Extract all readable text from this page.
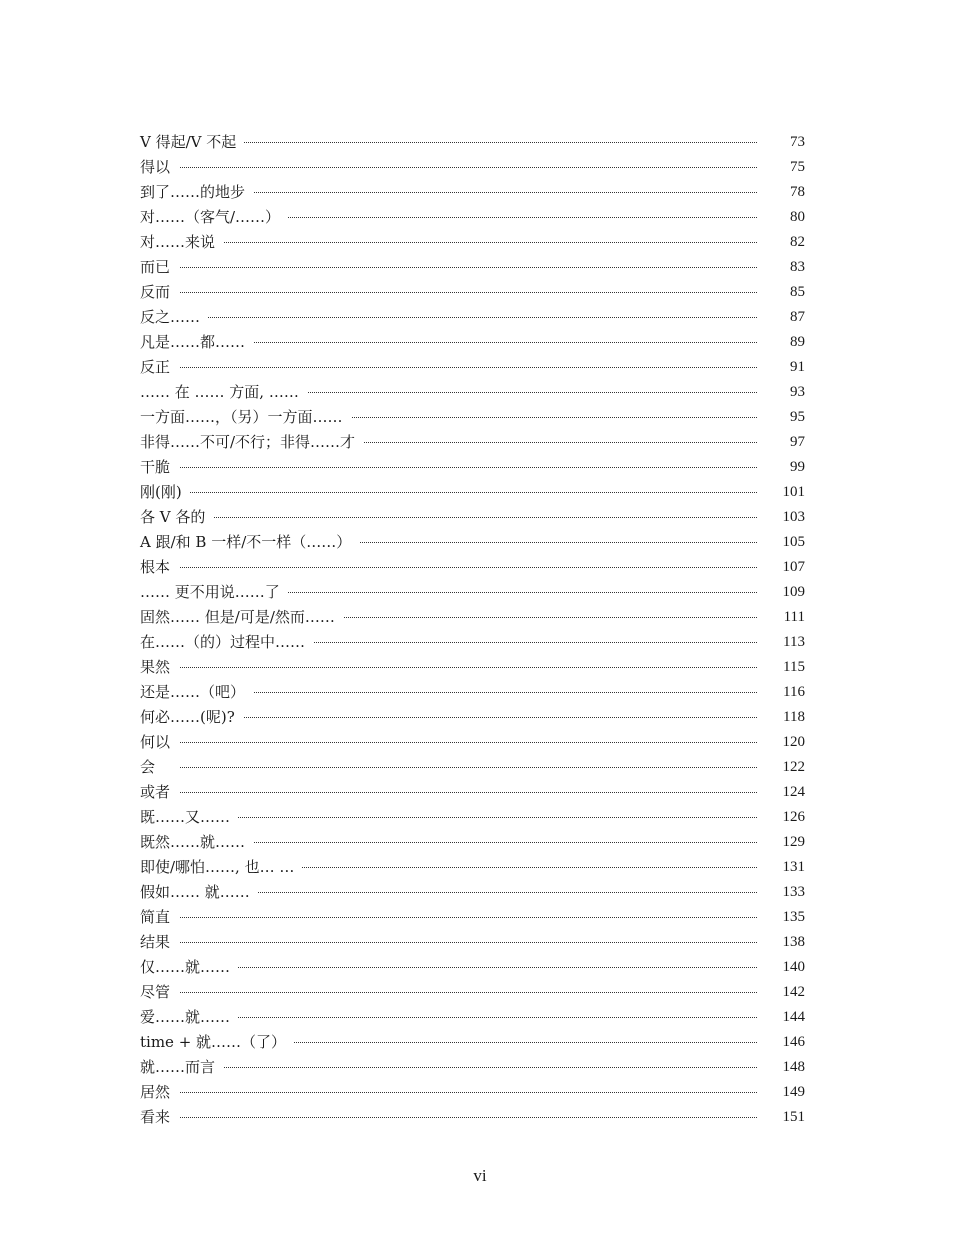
V 得起/V 不起	73
得以	75
到了……的地步	78
对……（客气/……）	80
对……来说	82
而已	83
反而	85
反之……	87
凡是……都……	89
反正	91
…… 在 …… 方面, ……	93
一方面……，（另）一方面……	95
非得……不可/不行；非得……才	97
干脆	99
刚(刚)	101
各 V 各的	103
A 跟/和 B 一样/不一样（……）	105
根本	107
…… 更不用说……了	109
固然…… 但是/可是/然而……	111
在……（的）过程中……	113
果然	115
还是……（吧）	116
何必……(呢)?	118
何以	120
会	122
或者	124
既……又……	126
既然……就……	129
即使/哪怕……, 也… …	131
假如…… 就……	133
简直	135
结果	138
仅……就……	140
尽管	142
爱……就……	144
time + 就……（了）	146
就……而言	148
居然	149
看来	151
vi
